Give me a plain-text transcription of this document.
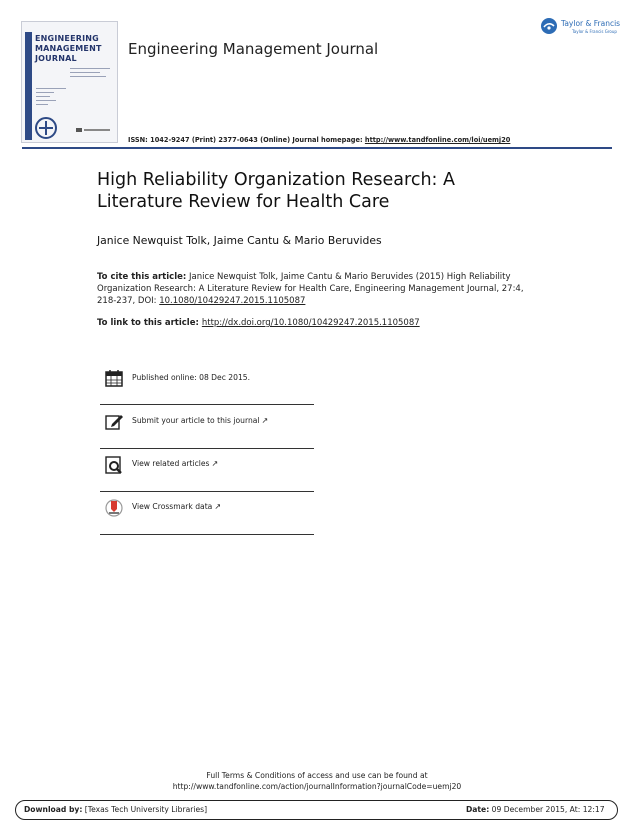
ENGINEERING
MANAGEMENT
JOURNAL
Engineering Management Journal
Taylor & Francis
Taylor & Francis Group
ISSN: 1042-9247 (Print) 2377-0643 (Online) Journal homepage: http://www.tandfonline.com/loi/uemj20
High Reliability Organization Research: A Literature Review for Health Care
Janice Newquist Tolk, Jaime Cantu & Mario Beruvides
To cite this article: Janice Newquist Tolk, Jaime Cantu & Mario Beruvides (2015) High Reliability Organization Research: A Literature Review for Health Care, Engineering Management Journal, 27:4, 218-237, DOI: 10.1080/10429247.2015.1105087
To link to this article: http://dx.doi.org/10.1080/10429247.2015.1105087
Published online: 08 Dec 2015.
Submit your article to this journal ↗
View related articles ↗
View Crossmark data ↗
Full Terms & Conditions of access and use can be found at
http://www.tandfonline.com/action/journalInformation?journalCode=uemj20
Download by: [Texas Tech University Libraries]	Date: 09 December 2015, At: 12:17
